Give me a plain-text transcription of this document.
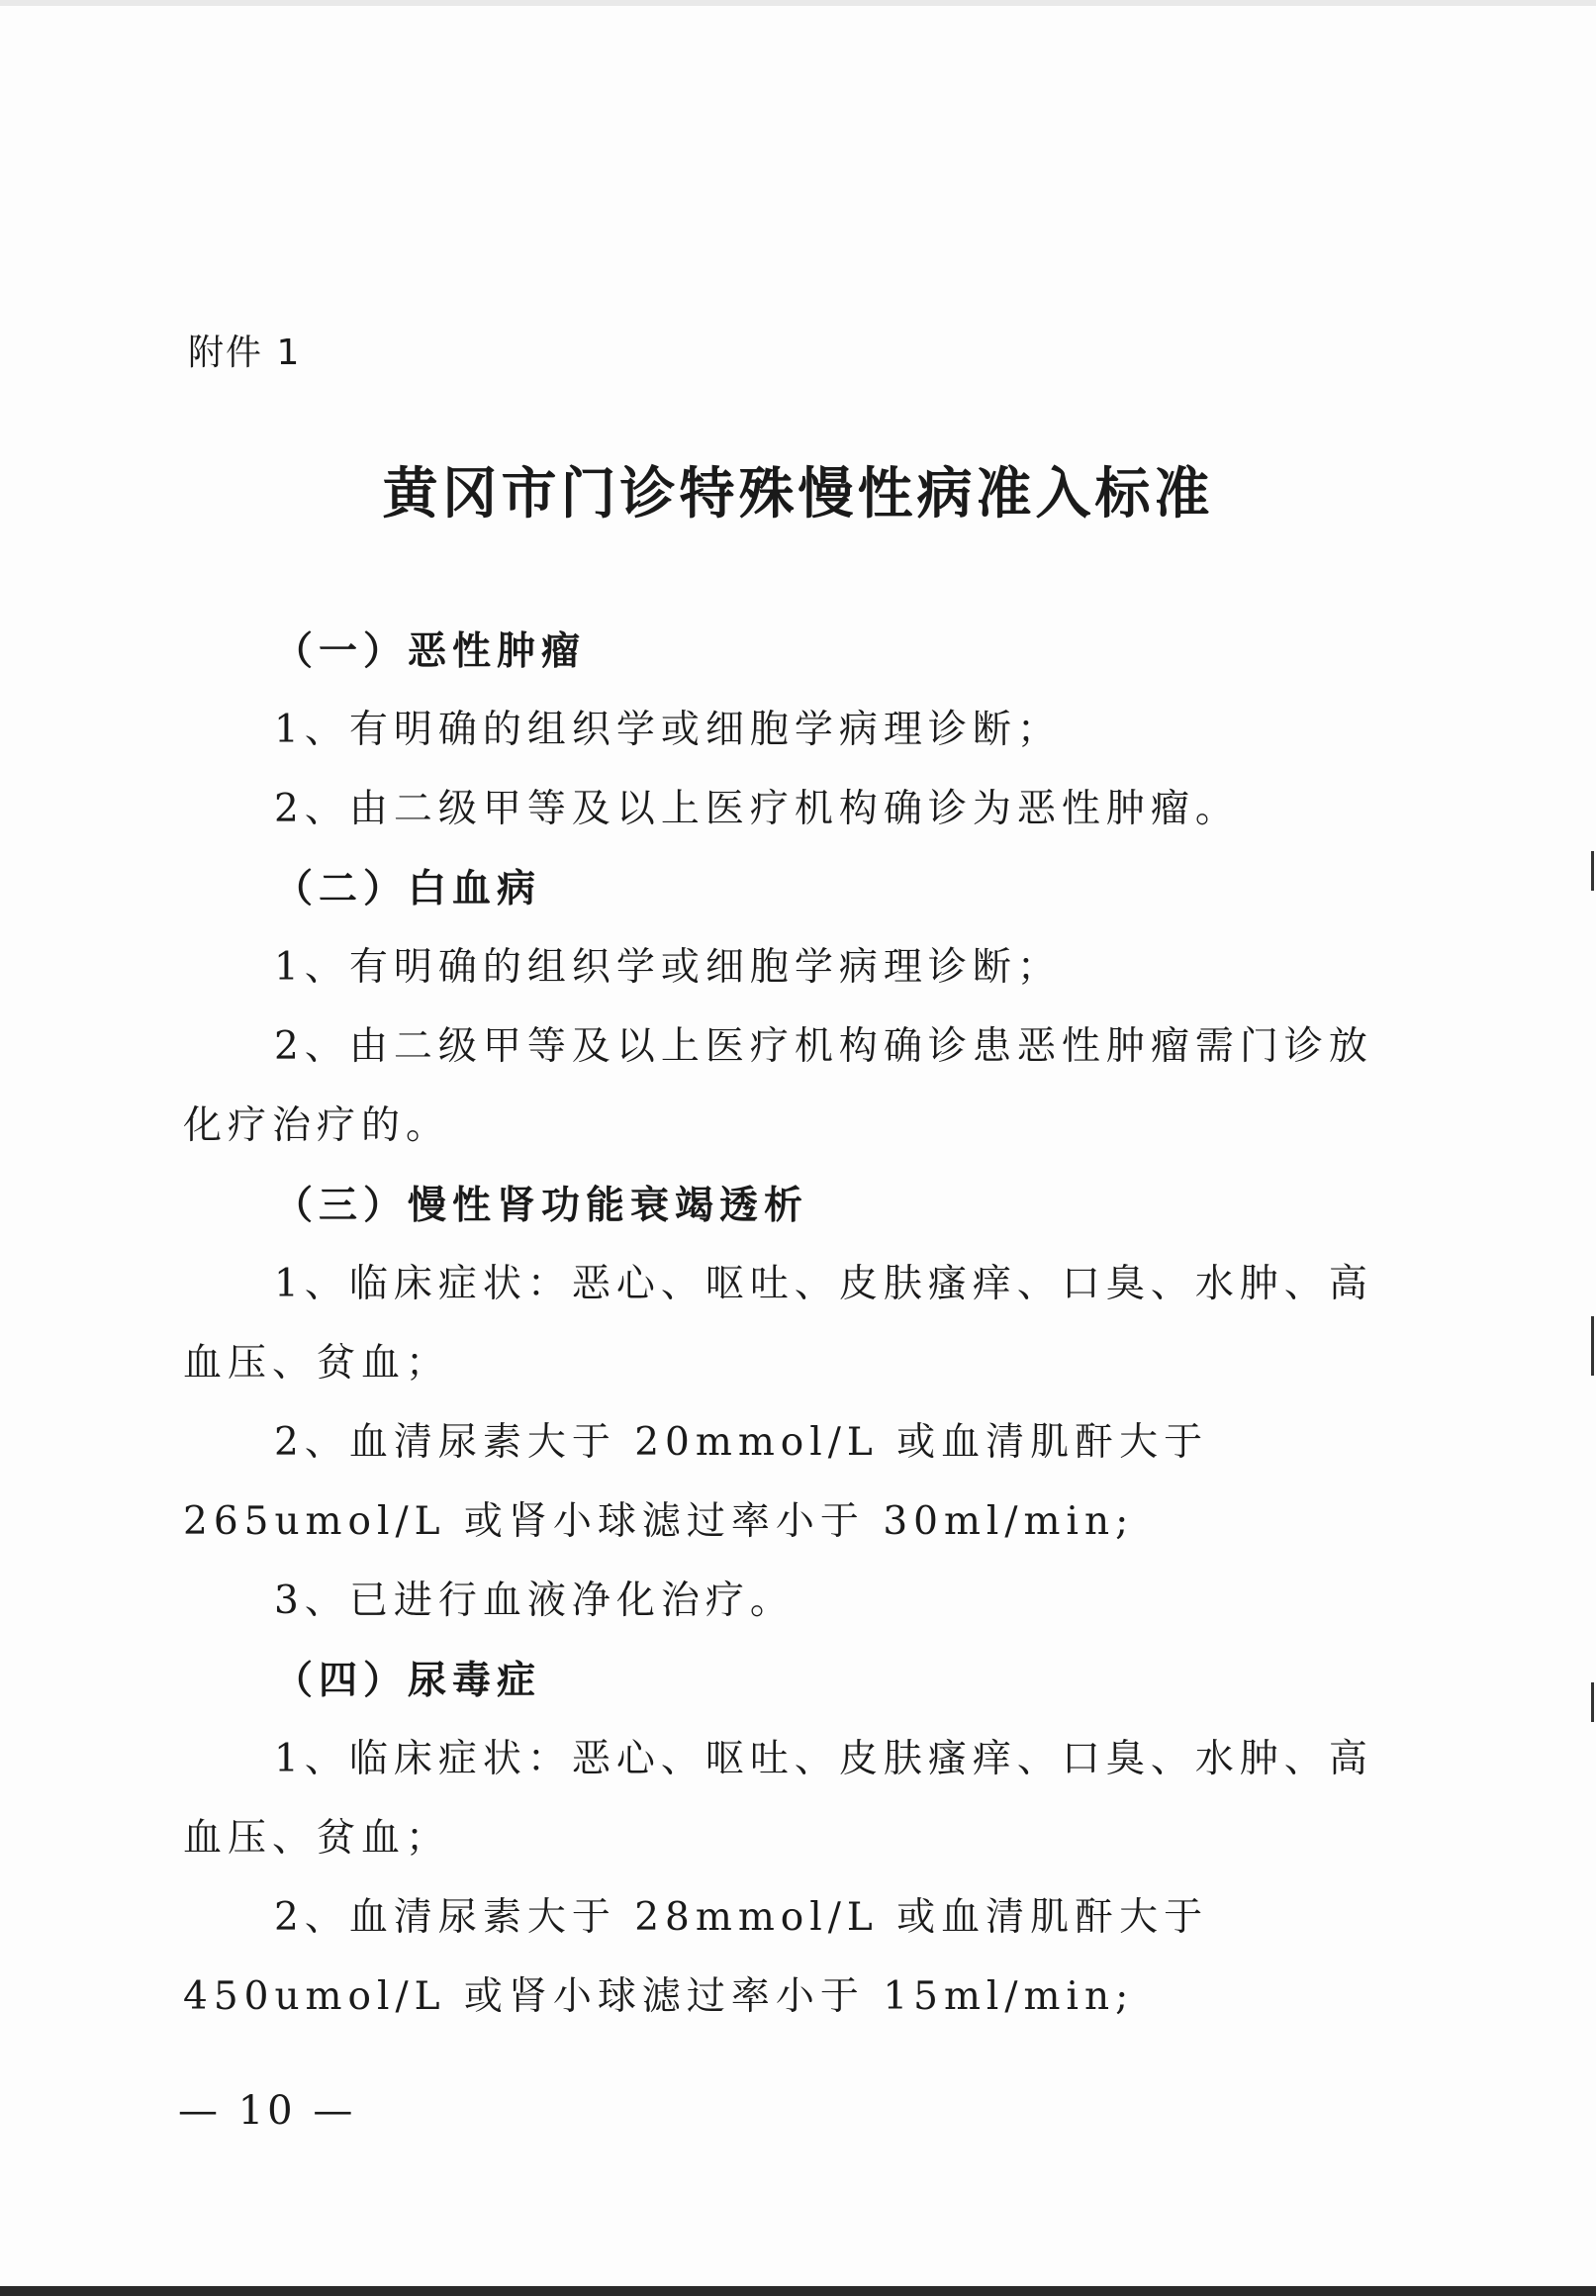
附件 1
黄冈市门诊特殊慢性病准入标准

（一）恶性肿瘤

1、有明确的组织学或细胞学病理诊断；

2、由二级甲等及以上医疗机构确诊为恶性肿瘤。

（二）白血病

1、有明确的组织学或细胞学病理诊断；

2、由二级甲等及以上医疗机构确诊患恶性肿瘤需门诊放化疗治疗的。

（三）慢性肾功能衰竭透析

1、临床症状：恶心、呕吐、皮肤瘙痒、口臭、水肿、高血压、贫血；

2、血清尿素大于 20mmol/L 或血清肌酐大于 265umol/L 或肾小球滤过率小于 30ml/min;

3、已进行血液净化治疗。

（四）尿毒症

1、临床症状：恶心、呕吐、皮肤瘙痒、口臭、水肿、高血压、贫血；

2、血清尿素大于 28mmol/L 或血清肌酐大于 450umol/L 或肾小球滤过率小于 15ml/min;

— 10 —
